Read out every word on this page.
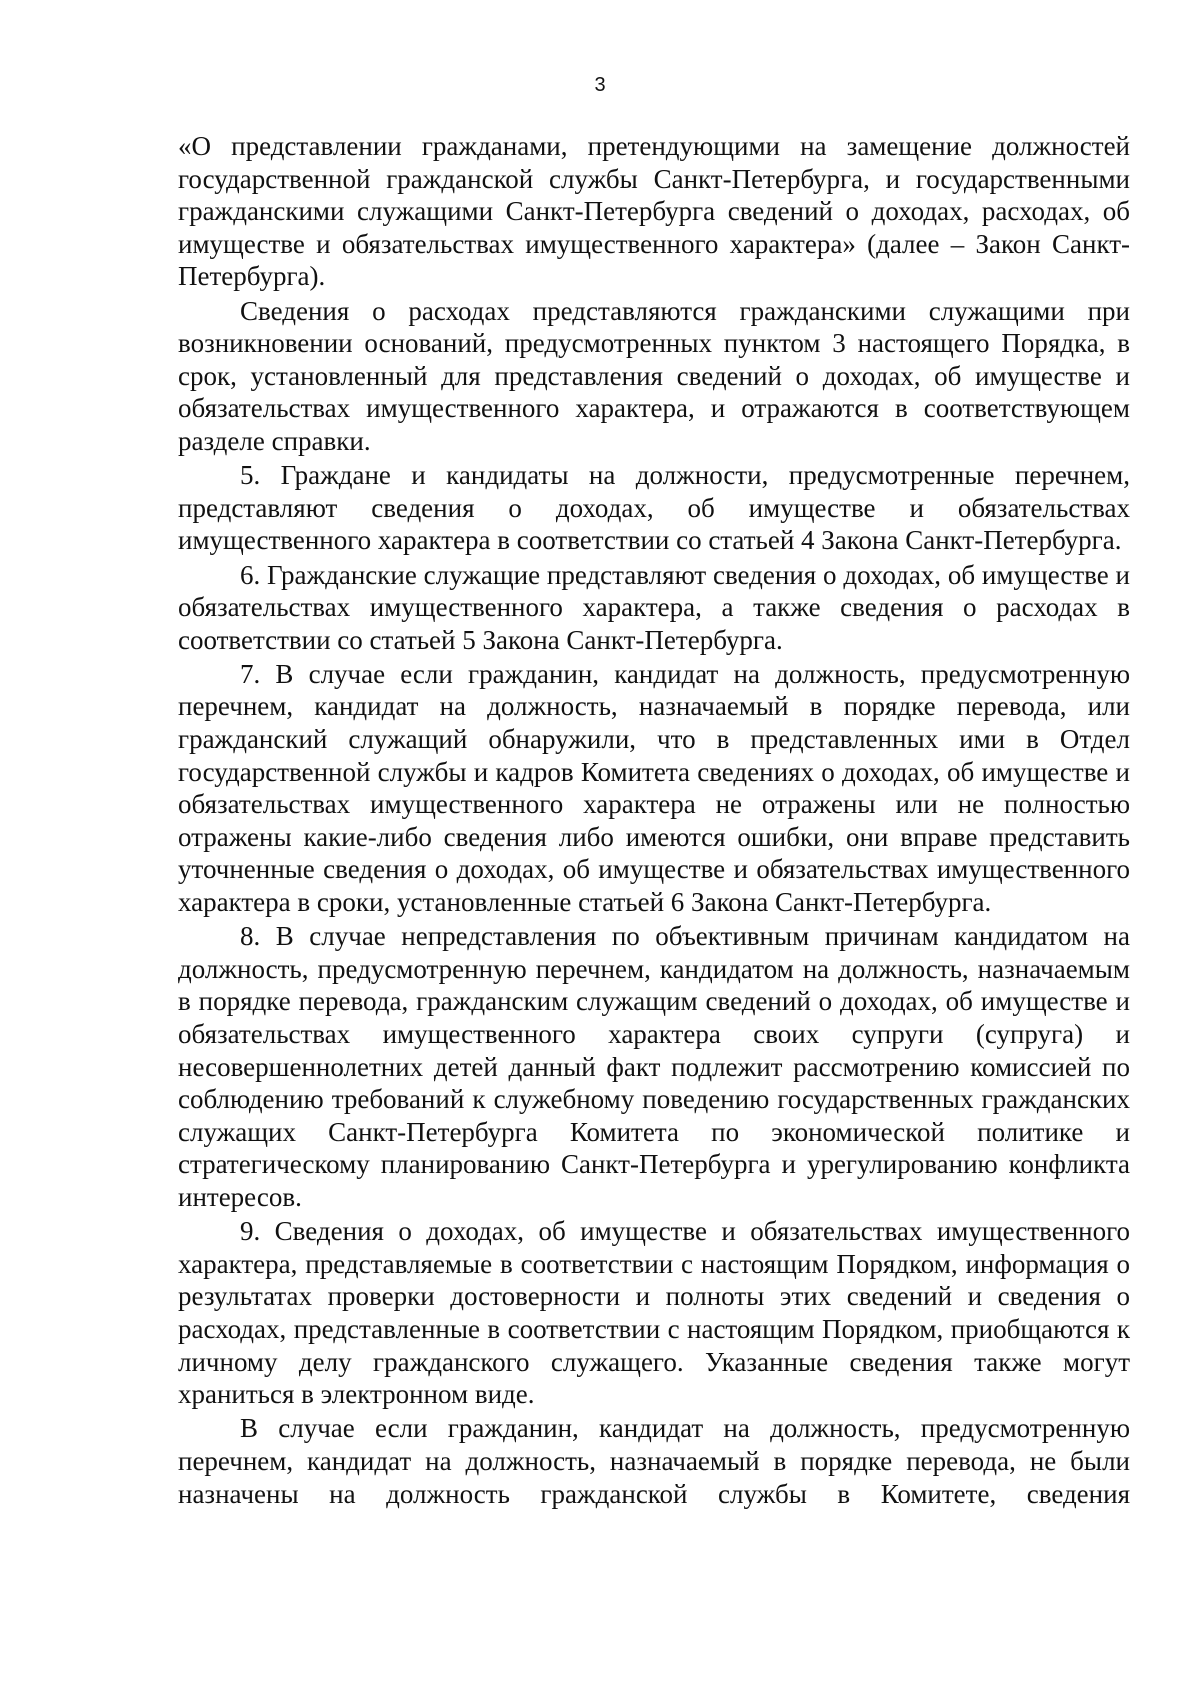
3

«О представлении гражданами, претендующими на замещение должностей государственной гражданской службы Санкт-Петербурга, и государственными гражданскими служащими Санкт-Петербурга сведений о доходах, расходах, об имуществе и обязательствах имущественного характера» (далее – Закон Санкт-Петербурга).

Сведения о расходах представляются гражданскими служащими при возникновении оснований, предусмотренных пунктом 3 настоящего Порядка, в срок, установленный для представления сведений о доходах, об имуществе и обязательствах имущественного характера, и отражаются в соответствующем разделе справки.

5. Граждане и кандидаты на должности, предусмотренные перечнем, представляют сведения о доходах, об имуществе и обязательствах имущественного характера в соответствии со статьей 4 Закона Санкт-Петербурга.

6. Гражданские служащие представляют сведения о доходах, об имуществе и обязательствах имущественного характера, а также сведения о расходах в соответствии со статьей 5 Закона Санкт-Петербурга.

7. В случае если гражданин, кандидат на должность, предусмотренную перечнем, кандидат на должность, назначаемый в порядке перевода, или гражданский служащий обнаружили, что в представленных ими в Отдел государственной службы и кадров Комитета сведениях о доходах, об имуществе и обязательствах имущественного характера не отражены или не полностью отражены какие-либо сведения либо имеются ошибки, они вправе представить уточненные сведения о доходах, об имуществе и обязательствах имущественного характера в сроки, установленные статьей 6 Закона Санкт-Петербурга.

8. В случае непредставления по объективным причинам кандидатом на должность, предусмотренную перечнем, кандидатом на должность, назначаемым в порядке перевода, гражданским служащим сведений о доходах, об имуществе и обязательствах имущественного характера своих супруги (супруга) и несовершеннолетних детей данный факт подлежит рассмотрению комиссией по соблюдению требований к служебному поведению государственных гражданских служащих Санкт-Петербурга Комитета по экономической политике и стратегическому планированию Санкт-Петербурга и урегулированию конфликта интересов.

9. Сведения о доходах, об имуществе и обязательствах имущественного характера, представляемые в соответствии с настоящим Порядком, информация о результатах проверки достоверности и полноты этих сведений и сведения о расходах, представленные в соответствии с настоящим Порядком, приобщаются к личному делу гражданского служащего. Указанные сведения также могут храниться в электронном виде.

В случае если гражданин, кандидат на должность, предусмотренную перечнем, кандидат на должность, назначаемый в порядке перевода, не были назначены на должность гражданской службы в Комитете, сведения
